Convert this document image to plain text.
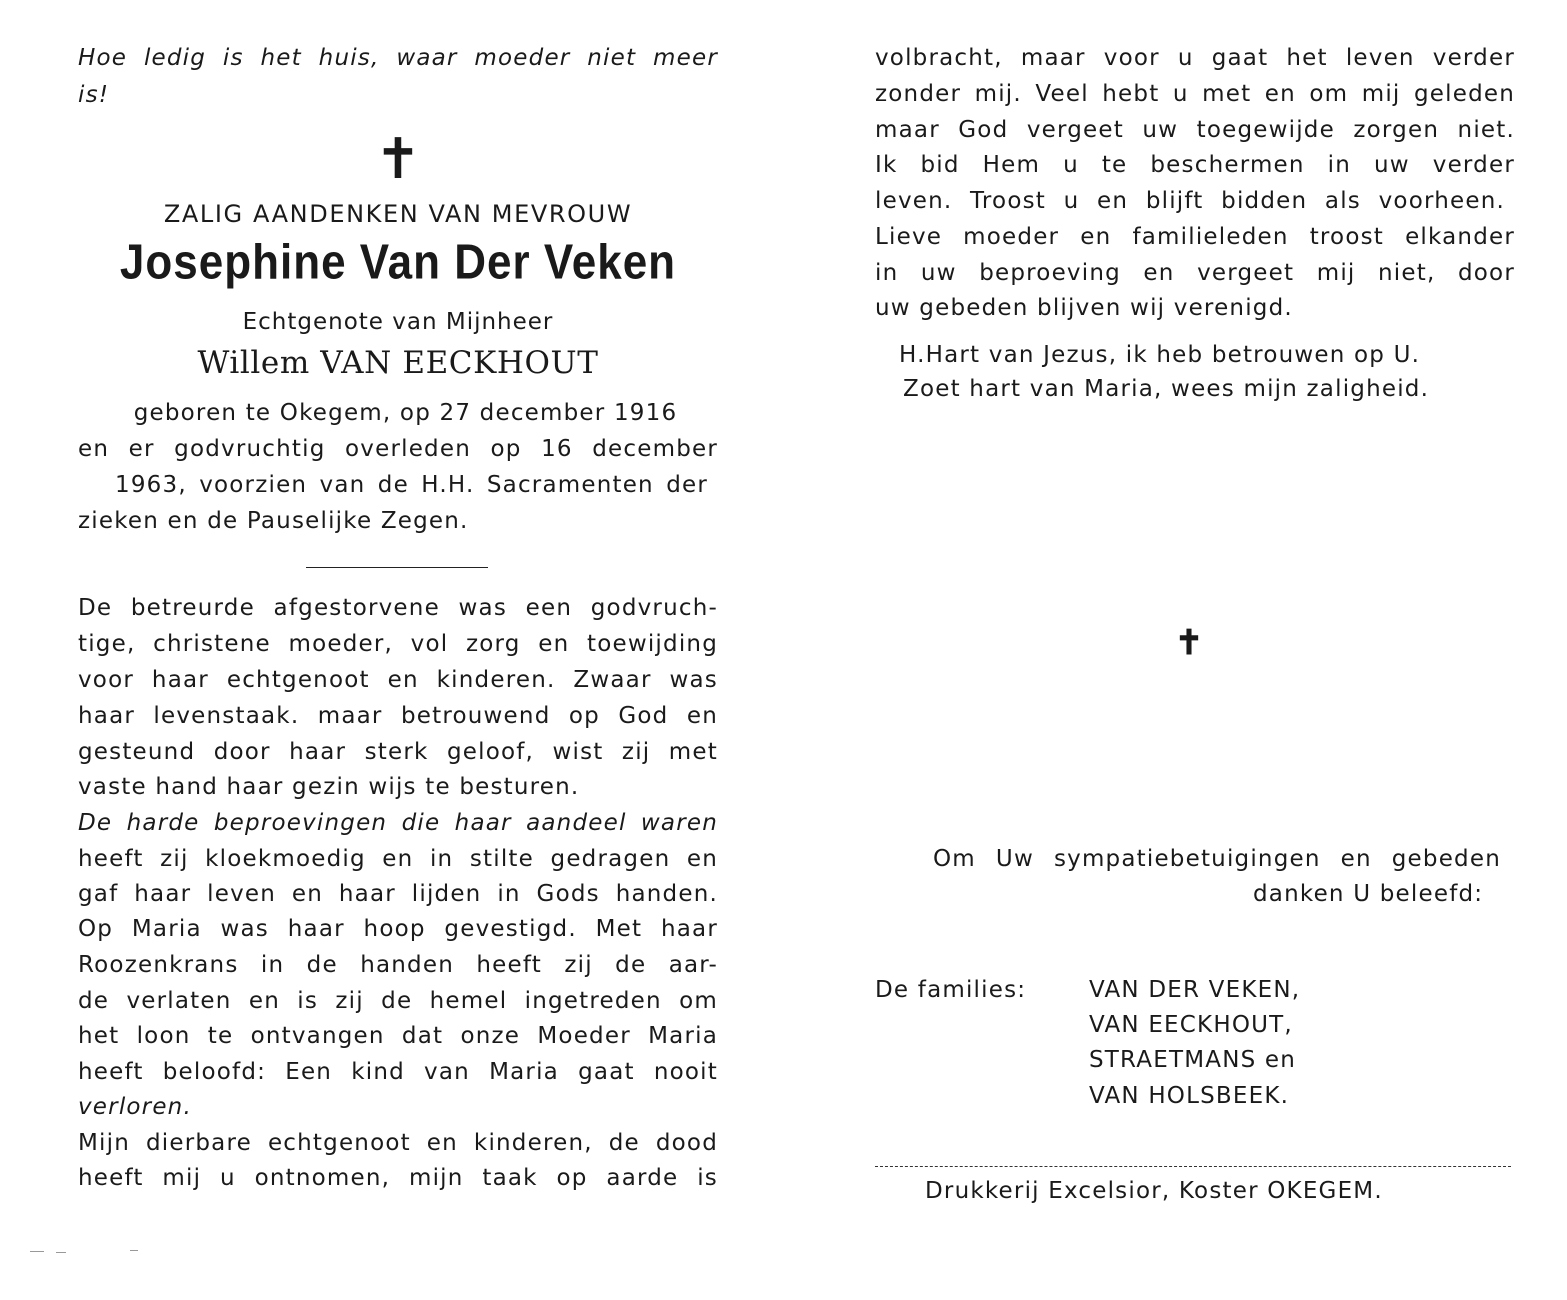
Hoe ledig is het huis, waar moeder niet meer
is!
✝
ZALIG AANDENKEN VAN MEVROUW
Josephine Van Der Veken
Echtgenote van Mijnheer
Willem VAN EECKHOUT
geboren te Okegem, op 27 december 1916
en er godvruchtig overleden op 16 december
1963, voorzien van de H.H. Sacramenten der
zieken en de Pauselijke Zegen.
De betreurde afgestorvene was een godvruch-
tige, christene moeder, vol zorg en toewijding
voor haar echtgenoot en kinderen. Zwaar was
haar levenstaak. maar betrouwend op God en
gesteund door haar sterk geloof, wist zij met
vaste hand haar gezin wijs te besturen.
De harde beproevingen die haar aandeel waren
heeft zij kloekmoedig en in stilte gedragen en
gaf haar leven en haar lijden in Gods handen.
Op Maria was haar hoop gevestigd. Met haar
Roozenkrans in de handen heeft zij de aar-
de verlaten en is zij de hemel ingetreden om
het loon te ontvangen dat onze Moeder Maria
heeft beloofd: Een kind van Maria gaat nooit
verloren.
Mijn dierbare echtgenoot en kinderen, de dood
heeft mij u ontnomen, mijn taak op aarde is
volbracht, maar voor u gaat het leven verder
zonder mij. Veel hebt u met en om mij geleden
maar God vergeet uw toegewijde zorgen niet.
Ik bid Hem u te beschermen in uw verder
leven. Troost u en blijft bidden als voorheen.
Lieve moeder en familieleden troost elkander
in uw beproeving en vergeet mij niet, door
uw gebeden blijven wij verenigd.
H.Hart van Jezus, ik heb betrouwen op U.
Zoet hart van Maria, wees mijn zaligheid.
✝
Om Uw sympatiebetuigingen en gebeden
danken U beleefd:
De families:	VAN DER VEKEN,
VAN EECKHOUT,
STRAETMANS en
VAN HOLSBEEK.
Drukkerij Excelsior, Koster OKEGEM.
